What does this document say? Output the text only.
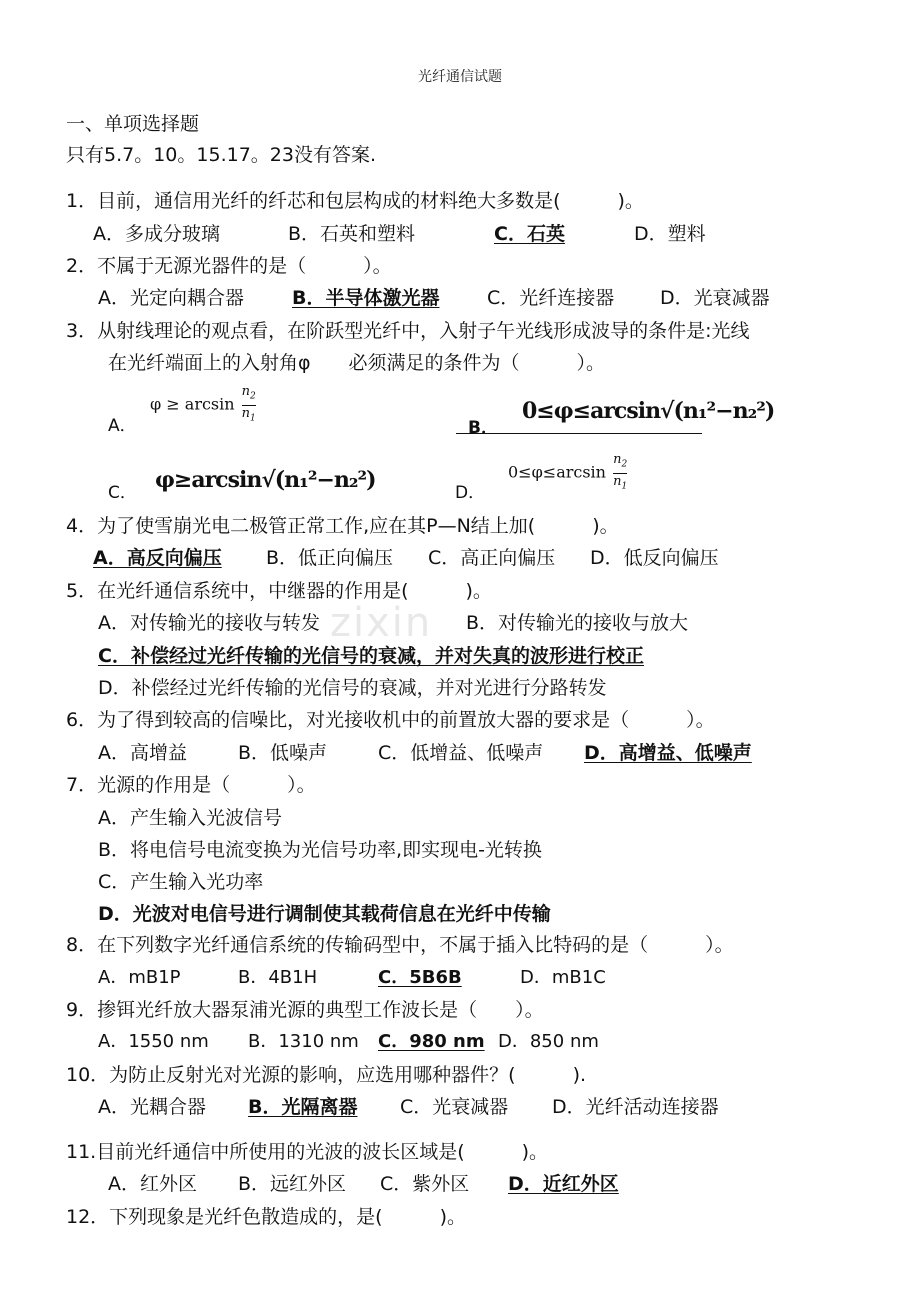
zixin
光纤通信试题
一、单项选择题
只有5.7。10。15.17。23没有答案.
1．目前，通信用光纤的纤芯和包层构成的材料绝大多数是(　　　)。
A．多成分玻璃	B．石英和塑料	C．石英	D．塑料
2．不属于无源光器件的是（　　　）。
A．光定向耦合器	B．半导体激光器	C．光纤连接器 D．光衰减器
3．从射线理论的观点看，在阶跃型光纤中，入射子午光线形成波导的条件是:光线
在光纤端面上的入射角φ　　必须满足的条件为（　　　）。
A．
$\varphi \ge \arcsin \frac{n_2}{n_1}$
B．
0≤φ≤arcsin√(n₁²−n₂²)
C． φ≥arcsin√(n₁²−n₂²)	D．
$0\le\varphi\le\arcsin \frac{n_2}{n_1}$
4．为了使雪崩光电二极管正常工作,应在其P—N结上加(　　　)。
A．高反向偏压 B．低正向偏压 C．高正向偏压 D．低反向偏压
5．在光纤通信系统中，中继器的作用是(　　　)。
A．对传输光的接收与转发	B．对传输光的接收与放大
C．补偿经过光纤传输的光信号的衰减，并对失真的波形进行校正
D．补偿经过光纤传输的光信号的衰减，并对光进行分路转发
6．为了得到较高的信噪比，对光接收机中的前置放大器的要求是（　　　）。
A．高增益	B．低噪声	C．低增益、低噪声 D．高增益、低噪声
7．光源的作用是（　　　）。
A．产生输入光波信号
B．将电信号电流变换为光信号功率,即实现电-光转换
C．产生输入光功率
D．光波对电信号进行调制使其载荷信息在光纤中传输
8．在下列数字光纤通信系统的传输码型中，不属于插入比特码的是（　　　）。
A．mB1P	B．4B1H	C．5B6B	D．mB1C
9．掺铒光纤放大器泵浦光源的典型工作波长是（　　）。
A．1550 nm B．1310 nm C．980 nm D．850 nm
10．为防止反射光对光源的影响，应选用哪种器件？(　　　).
A．光耦合器 B．光隔离器 C．光衰减器 D．光纤活动连接器
11.目前光纤通信中所使用的光波的波长区域是(　　　)。
A．红外区 B．远红外区 C．紫外区 D．近红外区
12．下列现象是光纤色散造成的，是(　　　)。
